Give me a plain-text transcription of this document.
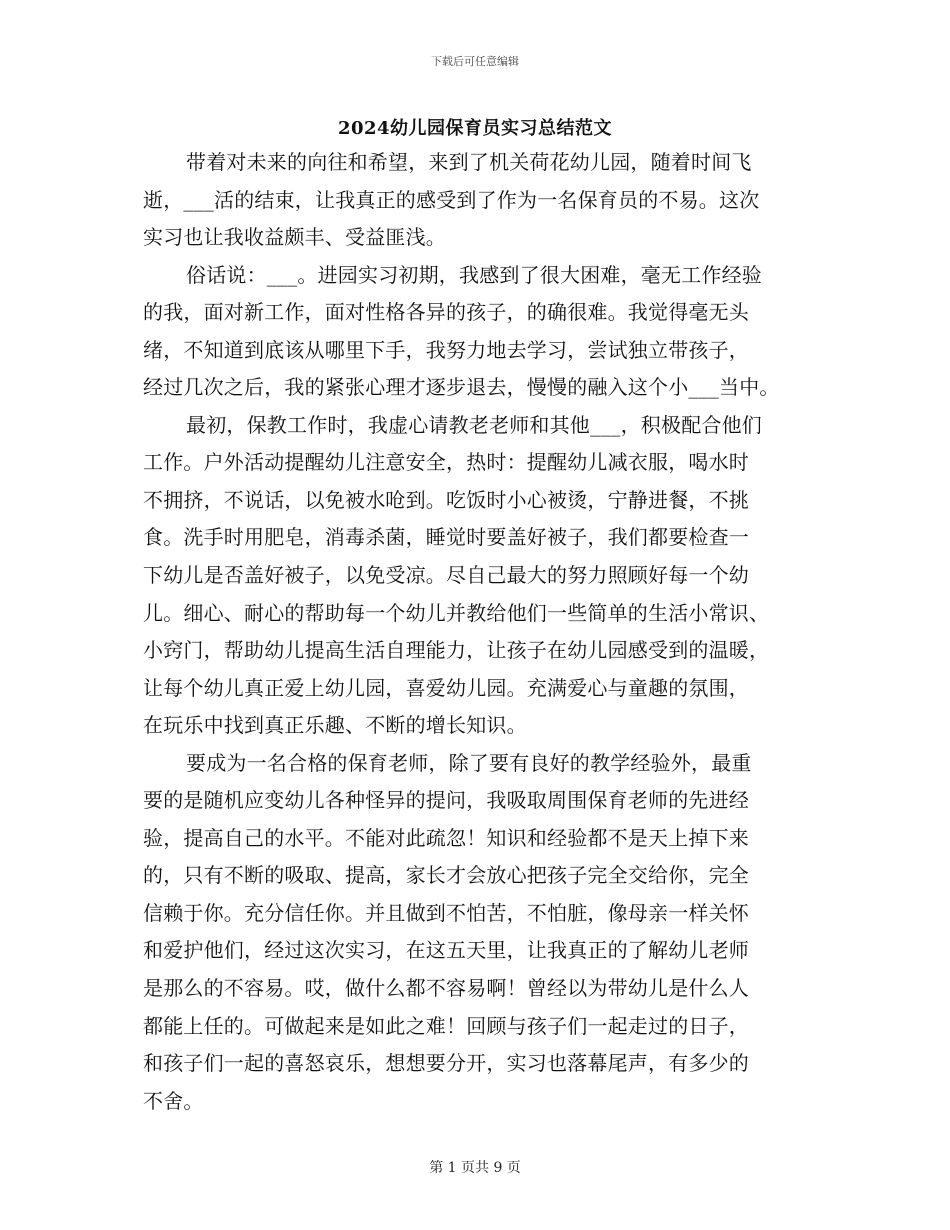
下载后可任意编辑
2024幼儿园保育员实习总结范文
带着对未来的向往和希望，来到了机关荷花幼儿园，随着时间飞
逝，___活的结束，让我真正的感受到了作为一名保育员的不易。这次
实习也让我收益颇丰、受益匪浅。
俗话说：___。进园实习初期，我感到了很大困难，毫无工作经验
的我，面对新工作，面对性格各异的孩子，的确很难。我觉得毫无头
绪，不知道到底该从哪里下手，我努力地去学习，尝试独立带孩子，
经过几次之后，我的紧张心理才逐步退去，慢慢的融入这个小___当中。
最初，保教工作时，我虚心请教老老师和其他___，积极配合他们
工作。户外活动提醒幼儿注意安全，热时：提醒幼儿减衣服，喝水时
不拥挤，不说话，以免被水呛到。吃饭时小心被烫，宁静进餐，不挑
食。洗手时用肥皂，消毒杀菌，睡觉时要盖好被子，我们都要检查一
下幼儿是否盖好被子，以免受凉。尽自己最大的努力照顾好每一个幼
儿。细心、耐心的帮助每一个幼儿并教给他们一些简单的生活小常识、
小窍门，帮助幼儿提高生活自理能力，让孩子在幼儿园感受到的温暖，
让每个幼儿真正爱上幼儿园，喜爱幼儿园。充满爱心与童趣的氛围，
在玩乐中找到真正乐趣、不断的增长知识。
要成为一名合格的保育老师，除了要有良好的教学经验外，最重
要的是随机应变幼儿各种怪异的提问，我吸取周围保育老师的先进经
验，提高自己的水平。不能对此疏忽！知识和经验都不是天上掉下来
的，只有不断的吸取、提高，家长才会放心把孩子完全交给你，完全
信赖于你。充分信任你。并且做到不怕苦，不怕脏，像母亲一样关怀
和爱护他们，经过这次实习，在这五天里，让我真正的了解幼儿老师
是那么的不容易。哎，做什么都不容易啊！曾经以为带幼儿是什么人
都能上任的。可做起来是如此之难！回顾与孩子们一起走过的日子，
和孩子们一起的喜怒哀乐，想想要分开，实习也落幕尾声，有多少的
不舍。
第 1 页共 9 页
